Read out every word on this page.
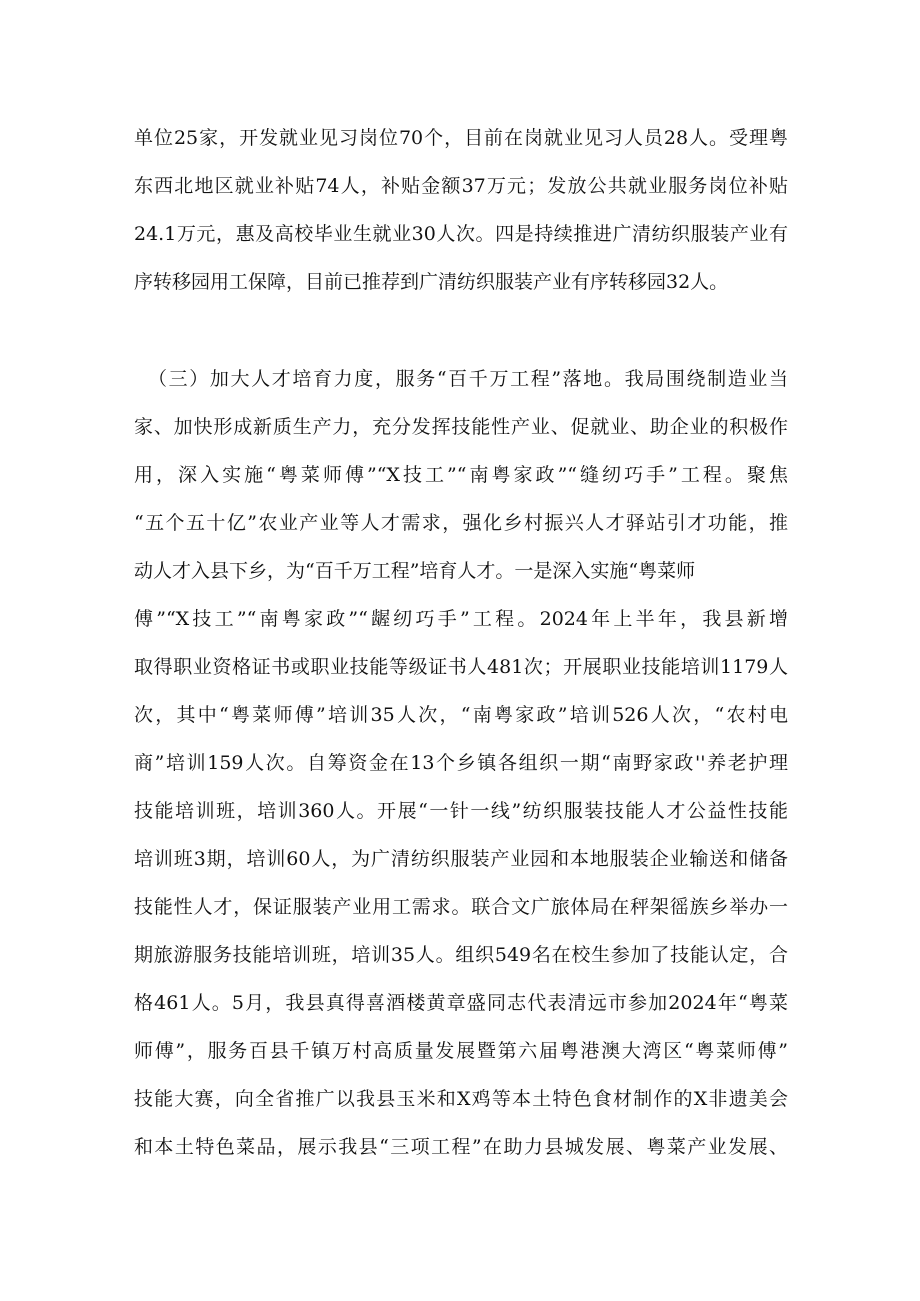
单位25家，开发就业见习岗位70个，目前在岗就业见习人员28人。受理粤
东西北地区就业补贴74人，补贴金额37万元；发放公共就业服务岗位补贴
24.1万元，惠及高校毕业生就业30人次。四是持续推进广清纺织服装产业有
序转移园用工保障，目前已推荐到广清纺织服装产业有序转移园32人。
（三）加大人才培育力度，服务“百千万工程”落地。我局围绕制造业当
家、加快形成新质生产力，充分发挥技能性产业、促就业、助企业的积极作
用，深入实施“粤菜师傅”“X技工”“南粤家政”“缝纫巧手”工程。聚焦
“五个五十亿”农业产业等人才需求，强化乡村振兴人才驿站引才功能，推
动人才入县下乡，为“百千万工程”培育人才。一是深入实施“粤菜师
傅”“X技工”“南粤家政”“龌纫巧手”工程。2024年上半年，我县新增
取得职业资格证书或职业技能等级证书人481次；开展职业技能培训1179人
次，其中“粤菜师傅”培训35人次，“南粤家政”培训526人次，“农村电
商”培训159人次。自筹资金在13个乡镇各组织一期“南野家政''养老护理
技能培训班，培训360人。开展“一针一线”纺织服装技能人才公益性技能
培训班3期，培训60人，为广清纺织服装产业园和本地服装企业输送和储备
技能性人才，保证服装产业用工需求。联合文广旅体局在秤架徭族乡举办一
期旅游服务技能培训班，培训35人。组织549名在校生参加了技能认定，合
格461人。5月，我县真得喜酒楼黄章盛同志代表清远市参加2024年“粤菜
师傅”，服务百县千镇万村高质量发展暨第六届粤港澳大湾区“粤菜师傅”
技能大赛，向全省推广以我县玉米和X鸡等本土特色食材制作的X非遗美会
和本土特色菜品，展示我县“三项工程”在助力县城发展、粤菜产业发展、
